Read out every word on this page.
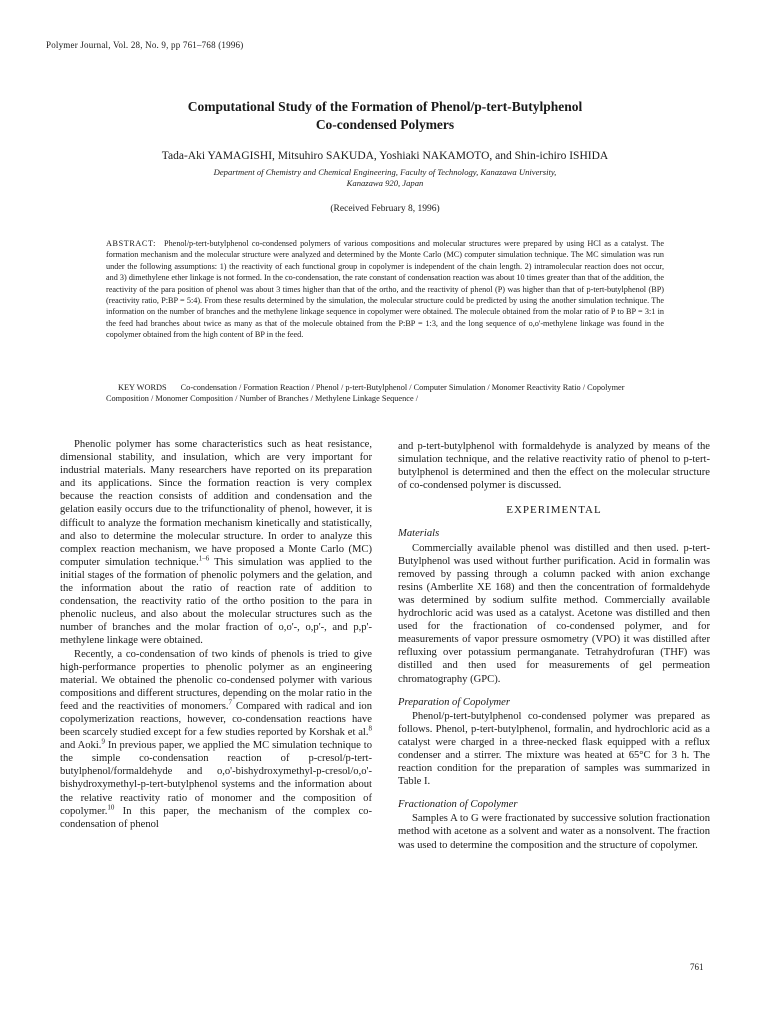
Polymer Journal, Vol. 28, No. 9, pp 761–768 (1996)
Computational Study of the Formation of Phenol/p-tert-Butylphenol
Co-condensed Polymers
Tada-Aki YAMAGISHI, Mitsuhiro SAKUDA, Yoshiaki NAKAMOTO, and Shin-ichiro ISHIDA
Department of Chemistry and Chemical Engineering, Faculty of Technology, Kanazawa University,
Kanazawa 920, Japan
(Received February 8, 1996)
ABSTRACT: Phenol/p-tert-butylphenol co-condensed polymers of various compositions and molecular structures were prepared by using HCl as a catalyst. The formation mechanism and the molecular structure were analyzed and determined by the Monte Carlo (MC) computer simulation technique. The MC simulation was run under the following assumptions: 1) the reactivity of each functional group in copolymer is independent of the chain length. 2) intramolecular reaction does not occur, and 3) dimethylene ether linkage is not formed. In the co-condensation, the rate constant of condensation reaction was about 10 times greater than that of the addition, the reactivity of the para position of phenol was about 3 times higher than that of the ortho, and the reactivity of phenol (P) was higher than that of p-tert-butylphenol (BP) (reactivity ratio, P:BP = 5:4). From these results determined by the simulation, the molecular structure could be predicted by using the another simulation technique. The information on the number of branches and the methylene linkage sequence in copolymer were obtained. The molecule obtained from the molar ratio of P to BP = 3:1 in the feed had branches about twice as many as that of the molecule obtained from the P:BP = 1:3, and the long sequence of o,o'-methylene linkage was found in the copolymer obtained from the high content of BP in the feed.
KEY WORDS Co-condensation / Formation Reaction / Phenol / p-tert-Butylphenol / Computer Simulation / Monomer Reactivity Ratio / Copolymer Composition / Monomer Composition / Number of Branches / Methylene Linkage Sequence /

Phenolic polymer has some characteristics such as heat resistance, dimensional stability, and insulation, which are very important for industrial materials. Many researchers have reported on its preparation and its applications. Since the formation reaction is very complex because the reaction consists of addition and condensation and the gelation easily occurs due to the trifunctionality of phenol, however, it is difficult to analyze the formation mechanism kinetically and statistically, and also to determine the molecular structure. In order to analyze this complex reaction mechanism, we have proposed a Monte Carlo (MC) computer simulation technique.$^{1-6}$ This simulation was applied to the initial stages of the formation of phenolic polymers and the gelation, and the information about the ratio of reaction rate of addition to condensation, the reactivity ratio of the ortho position to the para in phenolic nucleus, and also about the molecular structures such as the number of branches and the molar fraction of o,o'-, o,p'-, and p,p'-methylene linkage were obtained.

Recently, a co-condensation of two kinds of phenols is tried to give high-performance properties to phenolic polymer as an engineering material. We obtained the phenolic co-condensed polymer with various compositions and different structures, depending on the molar ratio in the feed and the reactivities of monomers.$^7$ Compared with radical and ion copolymerization reactions, however, co-condensation reactions have been scarcely studied except for a few studies reported by Korshak et al.$^8$ and Aoki.$^9$ In previous paper, we applied the MC simulation technique to the simple co-condensation reaction of p-cresol/p-tert-butylphenol/formaldehyde and o,o'-bishydroxymethyl-p-cresol/o,o'-bishydroxymethyl-p-tert-butylphenol systems and the information about the relative reactivity ratio of monomer and the composition of copolymer.$^{10}$ In this paper, the mechanism of the complex co-condensation of phenol

and p-tert-butylphenol with formaldehyde is analyzed by means of the simulation technique, and the relative reactivity ratio of phenol to p-tert-butylphenol is determined and then the effect on the molecular structure of co-condensed polymer is discussed.

EXPERIMENTAL
Materials

Commercially available phenol was distilled and then used. p-tert-Butylphenol was used without further purification. Acid in formalin was removed by passing through a column packed with anion exchange resins (Amberlite XE 168) and then the concentration of formaldehyde was determined by sodium sulfite method. Commercially available hydrochloric acid was used as a catalyst. Acetone was distilled and then used for the fractionation of co-condensed polymer, and for measurements of vapor pressure osmometry (VPO) it was distilled after refluxing over potassium permanganate. Tetrahydrofuran (THF) was distilled and then used for measurements of gel permeation chromatography (GPC).

Preparation of Copolymer

Phenol/p-tert-butylphenol co-condensed polymer was prepared as follows. Phenol, p-tert-butylphenol, formalin, and hydrochloric acid as a catalyst were charged in a three-necked flask equipped with a reflux condenser and a stirrer. The mixture was heated at 65°C for 3 h. The reaction condition for the preparation of samples was summarized in Table I.

Fractionation of Copolymer

Samples A to G were fractionated by successive solution fractionation method with acetone as a solvent and water as a nonsolvent. The fraction was used to determine the composition and the structure of copolymer.

761
